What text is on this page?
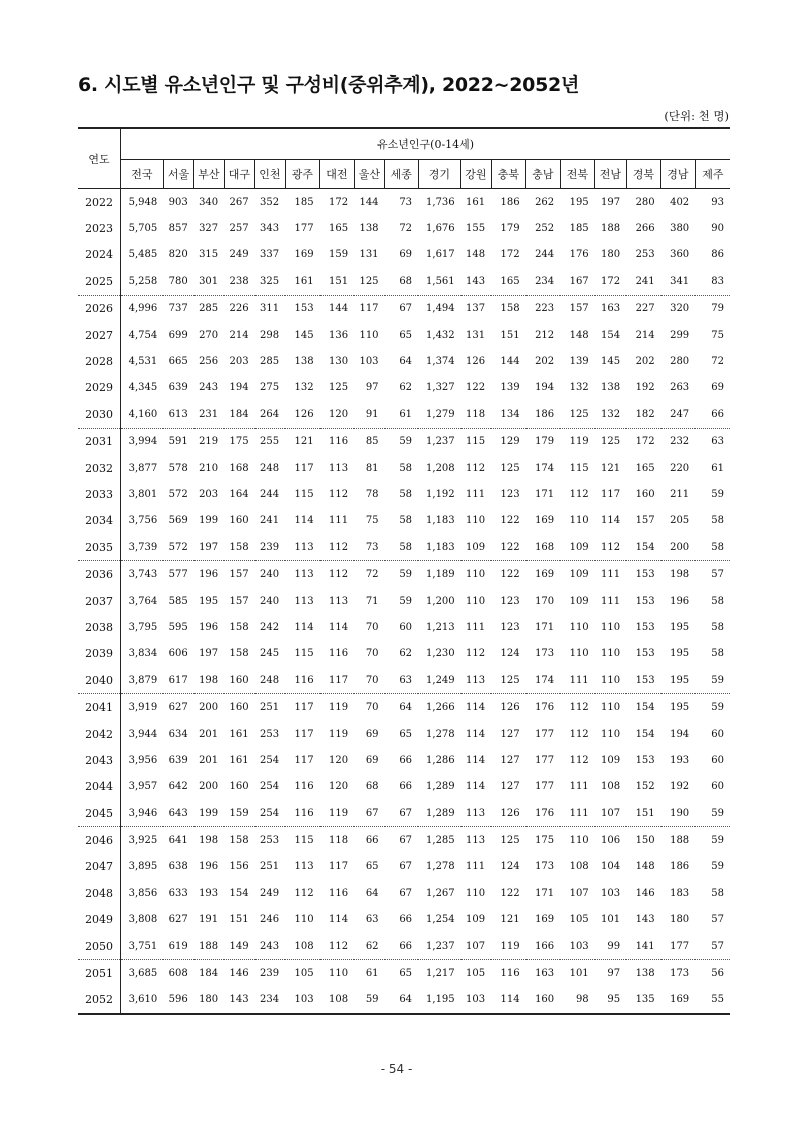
6. 시도별 유소년인구 및 구성비(중위추계), 2022~2052년
(단위: 천 명)
연도	유소년인구(0-14세)																	
	전국	서울	부산	대구	인천	광주	대전	울산	세종	경기	강원	충북	충남	전북	전남	경북	경남	제주
2022	5,948	903	340	267	352	185	172	144	73	1,736	161	186	262	195	197	280	402	93
2023	5,705	857	327	257	343	177	165	138	72	1,676	155	179	252	185	188	266	380	90
2024	5,485	820	315	249	337	169	159	131	69	1,617	148	172	244	176	180	253	360	86
2025	5,258	780	301	238	325	161	151	125	68	1,561	143	165	234	167	172	241	341	83
2026	4,996	737	285	226	311	153	144	117	67	1,494	137	158	223	157	163	227	320	79
2027	4,754	699	270	214	298	145	136	110	65	1,432	131	151	212	148	154	214	299	75
2028	4,531	665	256	203	285	138	130	103	64	1,374	126	144	202	139	145	202	280	72
2029	4,345	639	243	194	275	132	125	97	62	1,327	122	139	194	132	138	192	263	69
2030	4,160	613	231	184	264	126	120	91	61	1,279	118	134	186	125	132	182	247	66
2031	3,994	591	219	175	255	121	116	85	59	1,237	115	129	179	119	125	172	232	63
2032	3,877	578	210	168	248	117	113	81	58	1,208	112	125	174	115	121	165	220	61
2033	3,801	572	203	164	244	115	112	78	58	1,192	111	123	171	112	117	160	211	59
2034	3,756	569	199	160	241	114	111	75	58	1,183	110	122	169	110	114	157	205	58
2035	3,739	572	197	158	239	113	112	73	58	1,183	109	122	168	109	112	154	200	58
2036	3,743	577	196	157	240	113	112	72	59	1,189	110	122	169	109	111	153	198	57
2037	3,764	585	195	157	240	113	113	71	59	1,200	110	123	170	109	111	153	196	58
2038	3,795	595	196	158	242	114	114	70	60	1,213	111	123	171	110	110	153	195	58
2039	3,834	606	197	158	245	115	116	70	62	1,230	112	124	173	110	110	153	195	58
2040	3,879	617	198	160	248	116	117	70	63	1,249	113	125	174	111	110	153	195	59
2041	3,919	627	200	160	251	117	119	70	64	1,266	114	126	176	112	110	154	195	59
2042	3,944	634	201	161	253	117	119	69	65	1,278	114	127	177	112	110	154	194	60
2043	3,956	639	201	161	254	117	120	69	66	1,286	114	127	177	112	109	153	193	60
2044	3,957	642	200	160	254	116	120	68	66	1,289	114	127	177	111	108	152	192	60
2045	3,946	643	199	159	254	116	119	67	67	1,289	113	126	176	111	107	151	190	59
2046	3,925	641	198	158	253	115	118	66	67	1,285	113	125	175	110	106	150	188	59
2047	3,895	638	196	156	251	113	117	65	67	1,278	111	124	173	108	104	148	186	59
2048	3,856	633	193	154	249	112	116	64	67	1,267	110	122	171	107	103	146	183	58
2049	3,808	627	191	151	246	110	114	63	66	1,254	109	121	169	105	101	143	180	57
2050	3,751	619	188	149	243	108	112	62	66	1,237	107	119	166	103	99	141	177	57
2051	3,685	608	184	146	239	105	110	61	65	1,217	105	116	163	101	97	138	173	56
2052	3,610	596	180	143	234	103	108	59	64	1,195	103	114	160	98	95	135	169	55
- 54 -
